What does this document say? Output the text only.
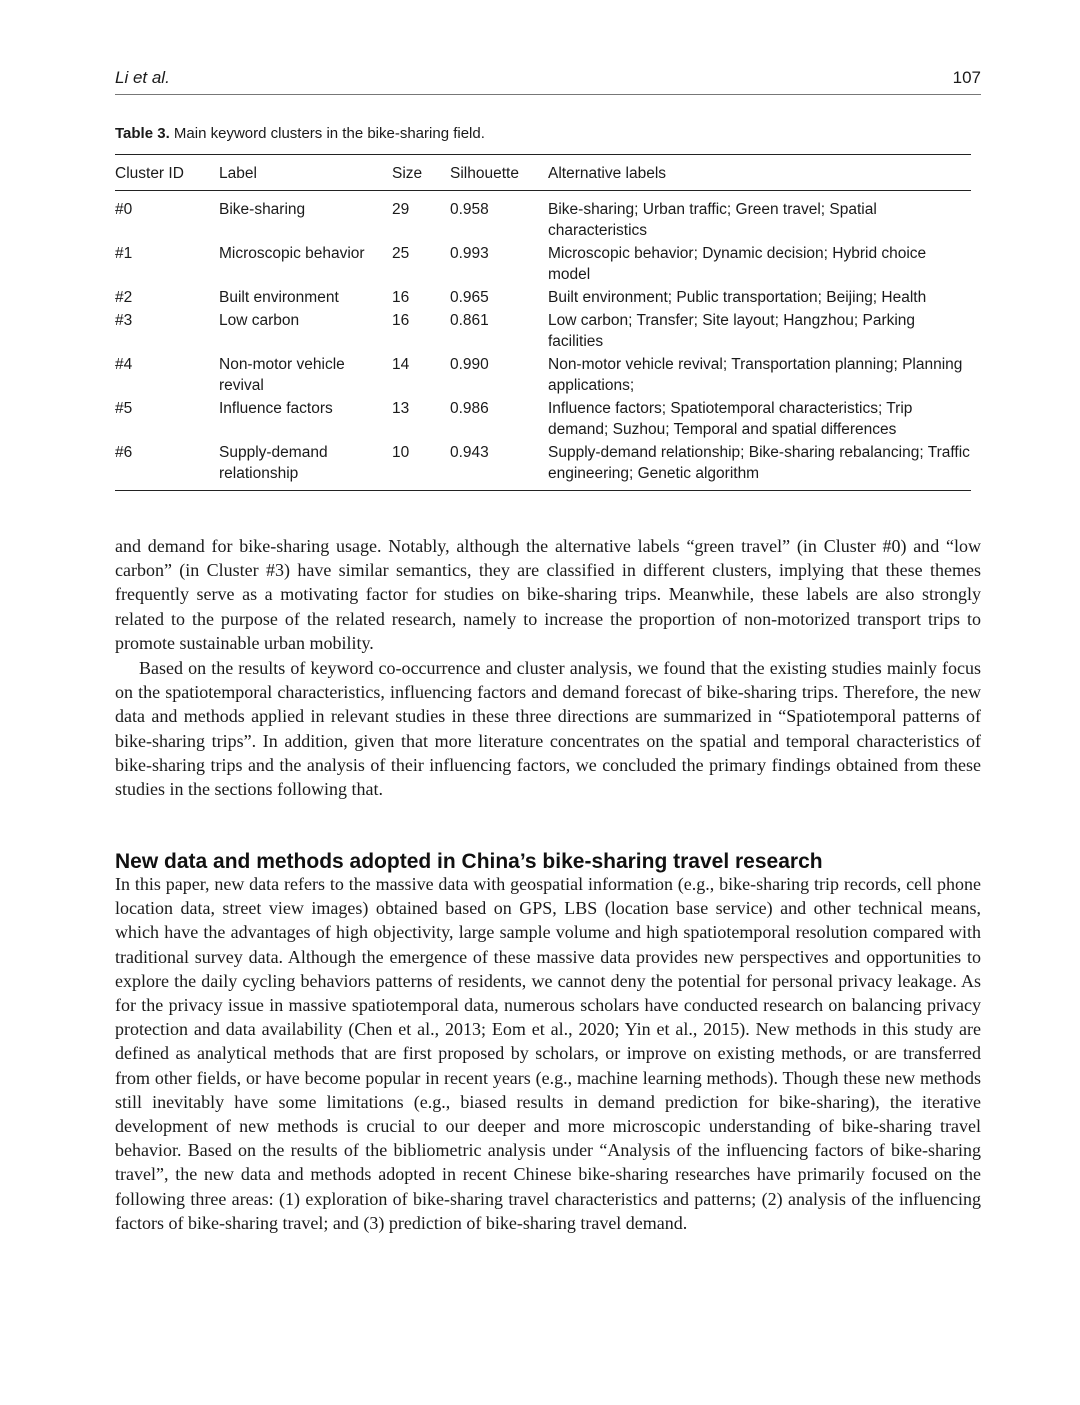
Li et al.	107
Table 3. Main keyword clusters in the bike-sharing field.
Cluster ID	Label	Size	Silhouette	Alternative labels
#0	Bike-sharing	29	0.958	Bike-sharing; Urban traffic; Green travel; Spatial characteristics
#1	Microscopic behavior	25	0.993	Microscopic behavior; Dynamic decision; Hybrid choice model
#2	Built environment	16	0.965	Built environment; Public transportation; Beijing; Health
#3	Low carbon	16	0.861	Low carbon; Transfer; Site layout; Hangzhou; Parking facilities
#4	Non-motor vehicle revival	14	0.990	Non-motor vehicle revival; Transportation planning; Planning applications;
#5	Influence factors	13	0.986	Influence factors; Spatiotemporal characteristics; Trip demand; Suzhou; Temporal and spatial differences
#6	Supply-demand relationship	10	0.943	Supply-demand relationship; Bike-sharing rebalancing; Traffic engineering; Genetic algorithm

and demand for bike-sharing usage. Notably, although the alternative labels “green travel” (in Cluster #0) and “low carbon” (in Cluster #3) have similar semantics, they are classified in different clusters, implying that these themes frequently serve as a motivating factor for studies on bike-sharing trips. Meanwhile, these labels are also strongly related to the purpose of the related research, namely to increase the proportion of non-motorized transport trips to promote sustainable urban mobility.

Based on the results of keyword co-occurrence and cluster analysis, we found that the existing studies mainly focus on the spatiotemporal characteristics, influencing factors and demand forecast of bike-sharing trips. Therefore, the new data and methods applied in relevant studies in these three directions are summarized in “Spatiotemporal patterns of bike-sharing trips”. In addition, given that more literature concentrates on the spatial and temporal characteristics of bike-sharing trips and the analysis of their influencing factors, we concluded the primary findings obtained from these studies in the sections following that.

New data and methods adopted in China’s bike-sharing travel research

In this paper, new data refers to the massive data with geospatial information (e.g., bike-sharing trip records, cell phone location data, street view images) obtained based on GPS, LBS (location base service) and other technical means, which have the advantages of high objectivity, large sample volume and high spatiotemporal resolution compared with traditional survey data. Although the emergence of these massive data provides new perspectives and opportunities to explore the daily cycling behaviors patterns of residents, we cannot deny the potential for personal privacy leakage. As for the privacy issue in massive spatiotemporal data, numerous scholars have conducted research on balancing privacy protection and data availability (Chen et al., 2013; Eom et al., 2020; Yin et al., 2015). New methods in this study are defined as analytical methods that are first proposed by scholars, or improve on existing methods, or are transferred from other fields, or have become popular in recent years (e.g., machine learning methods). Though these new methods still inevitably have some limitations (e.g., biased results in demand prediction for bike-sharing), the iterative development of new methods is crucial to our deeper and more microscopic understanding of bike-sharing travel behavior. Based on the results of the bibliometric analysis under “Analysis of the influencing factors of bike-sharing travel”, the new data and methods adopted in recent Chinese bike-sharing researches have primarily focused on the following three areas: (1) exploration of bike-sharing travel characteristics and patterns; (2) analysis of the influencing factors of bike-sharing travel; and (3) prediction of bike-sharing travel demand.
